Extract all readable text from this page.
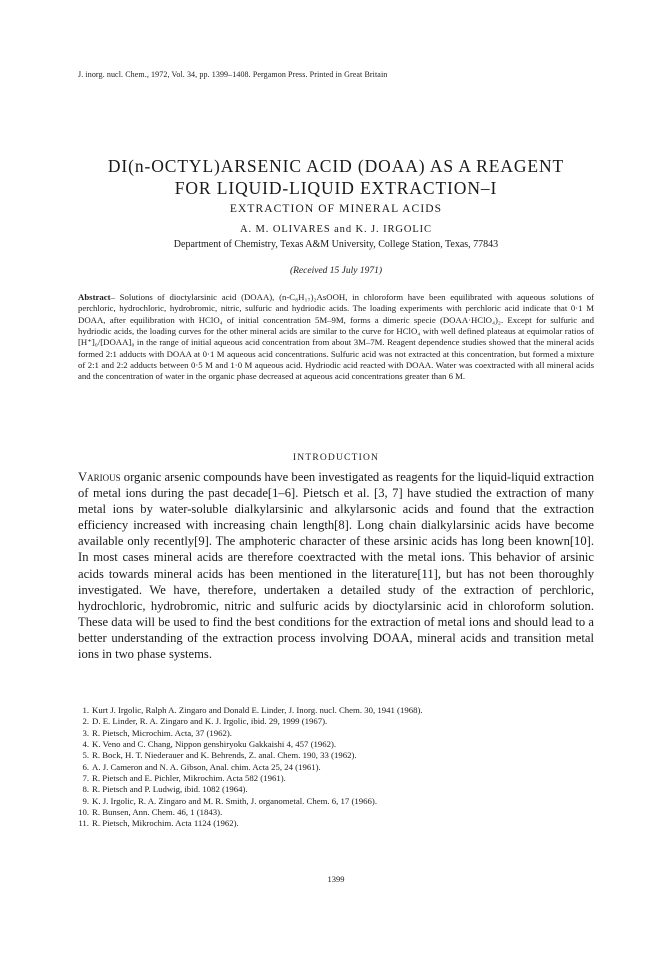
J. inorg. nucl. Chem., 1972, Vol. 34, pp. 1399–1408. Pergamon Press. Printed in Great Britain
DI(n-OCTYL)ARSENIC ACID (DOAA) AS A REAGENT
FOR LIQUID-LIQUID EXTRACTION–I
EXTRACTION OF MINERAL ACIDS
A. M. OLIVARES and K. J. IRGOLIC
Department of Chemistry, Texas A&M University, College Station, Texas, 77843
(Received 15 July 1971)
Abstract– Solutions of dioctylarsinic acid (DOAA), (n-C₈H₁₇)₂AsOOH, in chloroform have been equilibrated with aqueous solutions of perchloric, hydrochloric, hydrobromic, nitric, sulfuric and hydriodic acids. The loading experiments with perchloric acid indicate that 0·1 M DOAA, after equilibration with HClO₄ of initial concentration 5M–9M, forms a dimeric specie (DOAA·HClO₄)₂. Except for sulfuric and hydriodic acids, the loading curves for the other mineral acids are similar to the curve for HClO₄ with well defined plateaus at equimolar ratios of [H⁺]₀/[DOAA]₀ in the range of initial aqueous acid concentration from about 3M–7M. Reagent dependence studies showed that the mineral acids formed 2:1 adducts with DOAA at 0·1 M aqueous acid concentrations. Sulfuric acid was not extracted at this concentration, but formed a mixture of 2:1 and 2:2 adducts between 0·5 M and 1·0 M aqueous acid. Hydriodic acid reacted with DOAA. Water was coextracted with all mineral acids and the concentration of water in the organic phase decreased at aqueous acid concentrations greater than 6 M.
INTRODUCTION
Various organic arsenic compounds have been investigated as reagents for the liquid-liquid extraction of metal ions during the past decade[1–6]. Pietsch et al. [3, 7] have studied the extraction of many metal ions by water-soluble dialkylarsinic and alkylarsonic acids and found that the extraction efficiency increased with increasing chain length[8]. Long chain dialkylarsinic acids have become available only recently[9]. The amphoteric character of these arsinic acids has long been known[10]. In most cases mineral acids are therefore coextracted with the metal ions. This behavior of arsinic acids towards mineral acids has been mentioned in the literature[11], but has not been thoroughly investigated. We have, therefore, undertaken a detailed study of the extraction of perchloric, hydrochloric, hydrobromic, nitric and sulfuric acids by dioctylarsinic acid in chloroform solution. These data will be used to find the best conditions for the extraction of metal ions and should lead to a better understanding of the extraction process involving DOAA, mineral acids and transition metal ions in two phase systems.
1. Kurt J. Irgolic, Ralph A. Zingaro and Donald E. Linder, J. Inorg. nucl. Chem. 30, 1941 (1968).
2. D. E. Linder, R. A. Zingaro and K. J. Irgolic, ibid. 29, 1999 (1967).
3. R. Pietsch, Microchim. Acta, 37 (1962).
4. K. Veno and C. Chang, Nippon genshiryoku Gakkaishi 4, 457 (1962).
5. R. Bock, H. T. Niederauer and K. Behrends, Z. anal. Chem. 190, 33 (1962).
6. A. J. Cameron and N. A. Gibson, Anal. chim. Acta 25, 24 (1961).
7. R. Pietsch and E. Pichler, Mikrochim. Acta 582 (1961).
8. R. Pietsch and P. Ludwig, ibid. 1082 (1964).
9. K. J. Irgolic, R. A. Zingaro and M. R. Smith, J. organometal. Chem. 6, 17 (1966).
10. R. Bunsen, Ann. Chem. 46, 1 (1843).
11. R. Pietsch, Mikrochim. Acta 1124 (1962).
1399
